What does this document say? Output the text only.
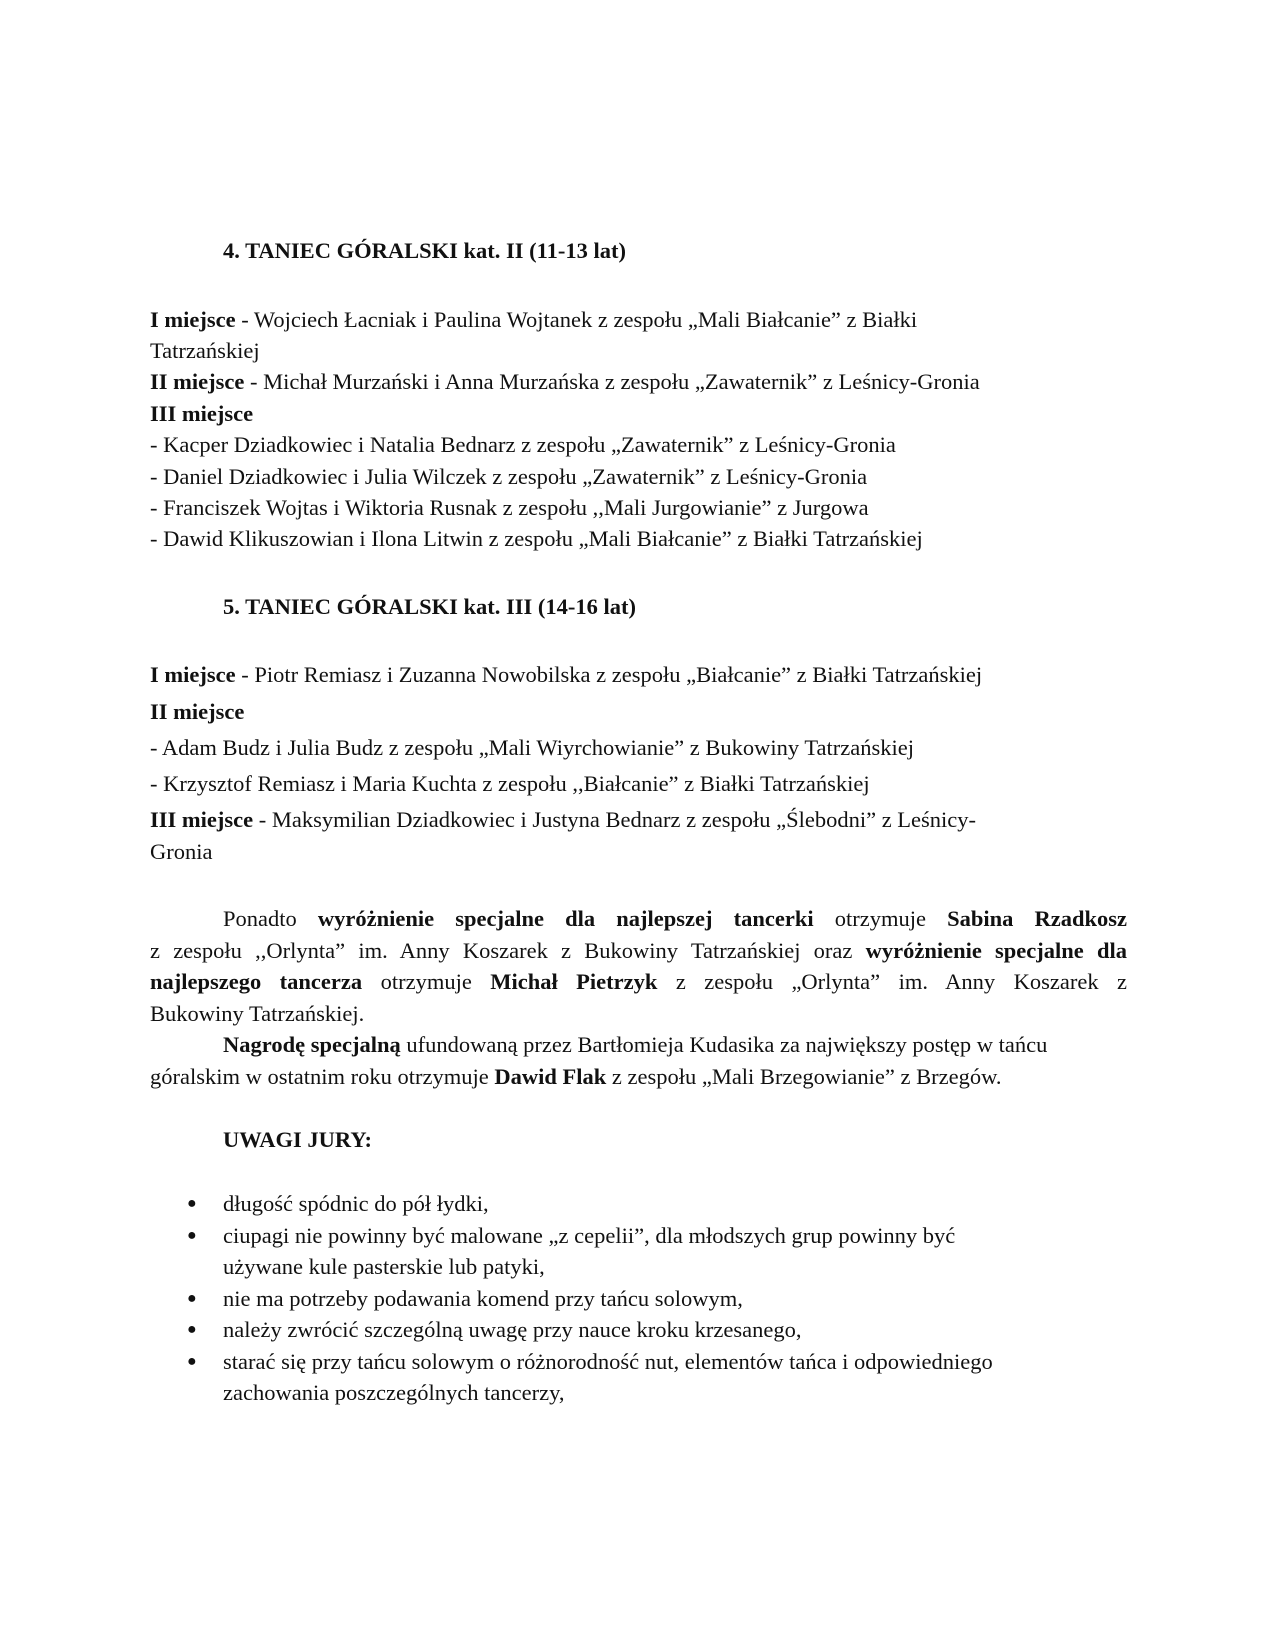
4. TANIEC GÓRALSKI kat. II (11-13 lat)
I miejsce - Wojciech Łacniak i Paulina Wojtanek z zespołu „Mali Białcanie” z Białki
Tatrzańskiej
II miejsce - Michał Murzański i Anna Murzańska z zespołu „Zawaternik” z Leśnicy-Gronia
III miejsce
- Kacper Dziadkowiec i Natalia Bednarz z zespołu „Zawaternik” z Leśnicy-Gronia
- Daniel Dziadkowiec i Julia Wilczek z zespołu „Zawaternik” z Leśnicy-Gronia
- Franciszek Wojtas i Wiktoria Rusnak z zespołu ,,Mali Jurgowianie” z Jurgowa
- Dawid Klikuszowian i Ilona Litwin z zespołu „Mali Białcanie” z Białki Tatrzańskiej
5. TANIEC GÓRALSKI kat. III (14-16 lat)
I miejsce - Piotr Remiasz i Zuzanna Nowobilska z zespołu „Białcanie” z Białki Tatrzańskiej
II miejsce
- Adam Budz i Julia Budz z zespołu „Mali Wiyrchowianie” z Bukowiny Tatrzańskiej
- Krzysztof Remiasz i Maria Kuchta z zespołu ,,Białcanie” z Białki Tatrzańskiej
III miejsce - Maksymilian Dziadkowiec i Justyna Bednarz z zespołu „Ślebodni” z Leśnicy-
Gronia
Ponadto wyróżnienie specjalne dla najlepszej tancerki otrzymuje Sabina Rzadkosz
z zespołu ,,Orlynta” im. Anny Koszarek z Bukowiny Tatrzańskiej oraz wyróżnienie specjalne dla
najlepszego tancerza otrzymuje Michał Pietrzyk z zespołu „Orlynta” im. Anny Koszarek z
Bukowiny Tatrzańskiej.
Nagrodę specjalną ufundowaną przez Bartłomieja Kudasika za największy postęp w tańcu
góralskim w ostatnim roku otrzymuje Dawid Flak z zespołu „Mali Brzegowianie” z Brzegów.
UWAGI JURY:
● długość spódnic do pół łydki,
● ciupagi nie powinny być malowane „z cepelii”, dla młodszych grup powinny być
używane kule pasterskie lub patyki,
● nie ma potrzeby podawania komend przy tańcu solowym,
● należy zwrócić szczególną uwagę przy nauce kroku krzesanego,
● starać się przy tańcu solowym o różnorodność nut, elementów tańca i odpowiedniego
zachowania poszczególnych tancerzy,
